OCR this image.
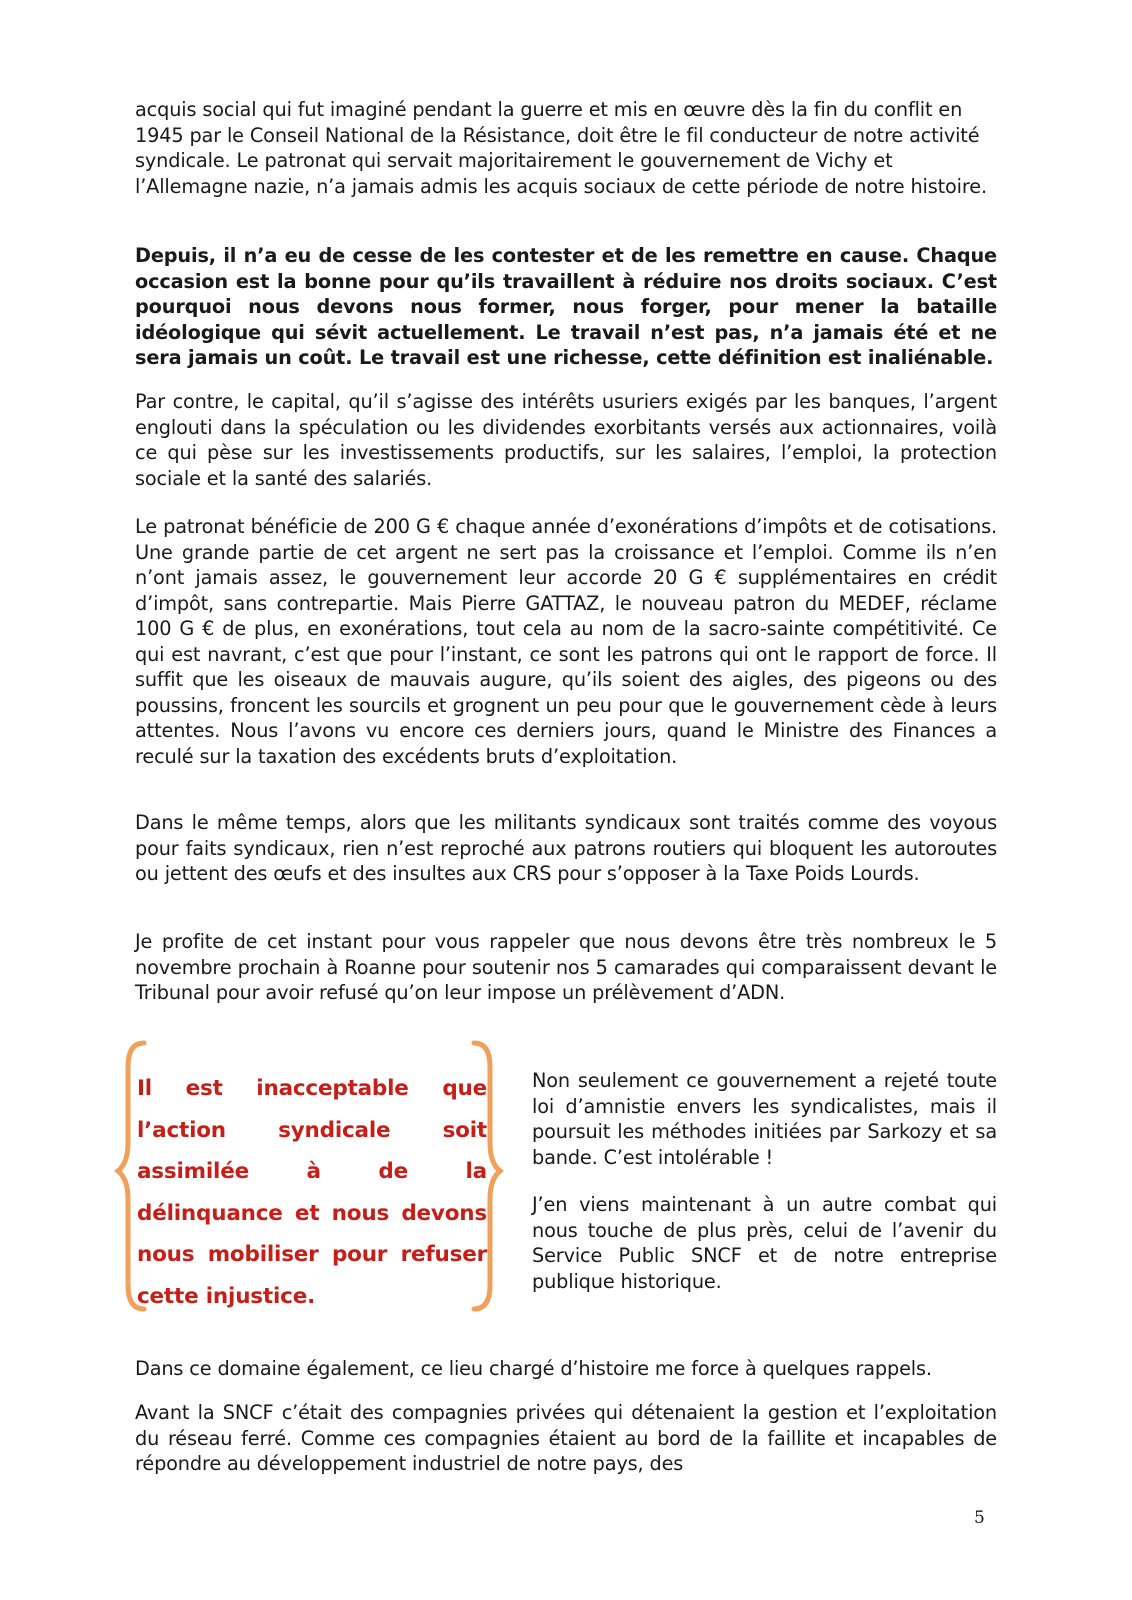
acquis social qui fut imaginé pendant la guerre et mis en œuvre dès la fin du conflit en 1945 par le Conseil National de la Résistance, doit être le fil conducteur de notre activité syndicale. Le patronat qui servait majoritairement le gouvernement de Vichy et l’Allemagne nazie, n’a jamais admis les acquis sociaux de cette période de notre histoire.

Depuis, il n’a eu de cesse de les contester et de les remettre en cause. Chaque occasion est la bonne pour qu’ils travaillent à réduire nos droits sociaux. C’est pourquoi nous devons nous former, nous forger, pour mener la bataille idéologique qui sévit actuellement. Le travail n’est pas, n’a jamais été et ne sera jamais un coût. Le travail est une richesse, cette définition est inaliénable.

Par contre, le capital, qu’il s’agisse des intérêts usuriers exigés par les banques, l’argent englouti dans la spéculation ou les dividendes exorbitants versés aux actionnaires, voilà ce qui pèse sur les investissements productifs, sur les salaires, l’emploi, la protection sociale et la santé des salariés.

Le patronat bénéficie de 200 G € chaque année d’exonérations d’impôts et de cotisations. Une grande partie de cet argent ne sert pas la croissance et l’emploi. Comme ils n’en n’ont jamais assez, le gouvernement leur accorde 20 G € supplémentaires en crédit d’impôt, sans contrepartie. Mais Pierre GATTAZ, le nouveau patron du MEDEF, réclame 100 G € de plus, en exonérations, tout cela au nom de la sacro-sainte compétitivité. Ce qui est navrant, c’est que pour l’instant, ce sont les patrons qui ont le rapport de force. Il suffit que les oiseaux de mauvais augure, qu’ils soient des aigles, des pigeons ou des poussins, froncent les sourcils et grognent un peu pour que le gouvernement cède à leurs attentes. Nous l’avons vu encore ces derniers jours, quand le Ministre des Finances a reculé sur la taxation des excédents bruts d’exploitation.

Dans le même temps, alors que les militants syndicaux sont traités comme des voyous pour faits syndicaux, rien n’est reproché aux patrons routiers qui bloquent les autoroutes ou jettent des œufs et des insultes aux CRS pour s’opposer à la Taxe Poids Lourds.

Je profite de cet instant pour vous rappeler que nous devons être très nombreux le 5 novembre prochain à Roanne pour soutenir nos 5 camarades qui comparaissent devant le Tribunal pour avoir refusé qu’on leur impose un prélèvement d’ADN.

Il est inacceptable que l’action syndicale soit assimilée à de la délinquance et nous devons nous mobiliser pour refuser cette injustice.

Non seulement ce gouvernement a rejeté toute loi d’amnistie envers les syndicalistes, mais il poursuit les méthodes initiées par Sarkozy et sa bande. C’est intolérable !

J’en viens maintenant à un autre combat qui nous touche de plus près, celui de l’avenir du Service Public SNCF et de notre entreprise publique historique.

Dans ce domaine également, ce lieu chargé d’histoire me force à quelques rappels.

Avant la SNCF c’était des compagnies privées qui détenaient la gestion et l’exploitation du réseau ferré. Comme ces compagnies étaient au bord de la faillite et incapables de répondre au développement industriel de notre pays, des

5
